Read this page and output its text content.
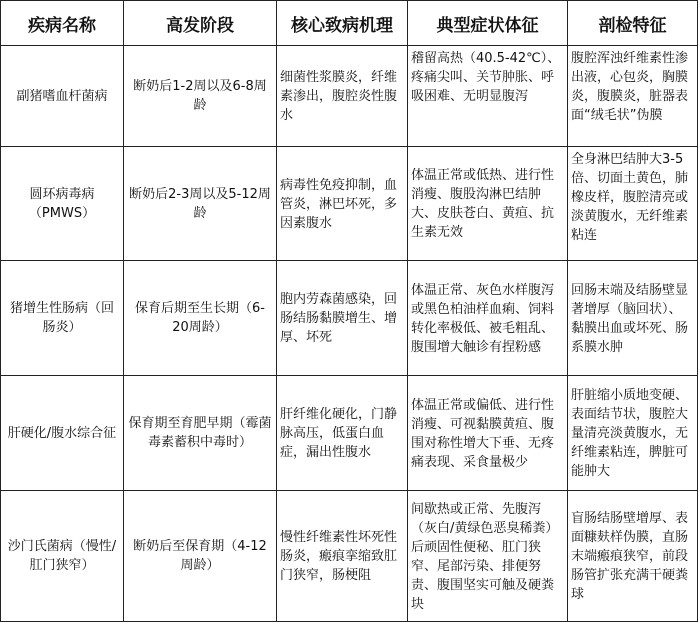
疾病名称	高发阶段	核心致病机理	典型症状体征	剖检特征
副猪嗜血杆菌病	断奶后1-2周以及6-8周龄	细菌性浆膜炎，纤维素渗出，腹腔炎性腹水	稽留高热（40.5-42℃）、疼痛尖叫、关节肿胀、呼吸困难、无明显腹泻	腹腔浑浊纤维素性渗出液，心包炎，胸膜炎，腹膜炎，脏器表面“绒毛状”伪膜
圆环病毒病（PMWS）	断奶后2-3周以及5-12周龄	病毒性免疫抑制，血管炎，淋巴坏死，多因素腹水	体温正常或低热、进行性消瘦、腹股沟淋巴结肿大、皮肤苍白、黄疸、抗生素无效	全身淋巴结肿大3-5倍、切面土黄色，肺橡皮样，腹腔清亮或淡黄腹水，无纤维素粘连
猪增生性肠病（回肠炎）	保育后期至生长期（6-20周龄）	胞内劳森菌感染，回肠结肠黏膜增生、增厚、坏死	体温正常、灰色水样腹泻或黑色柏油样血痢、饲料转化率极低、被毛粗乱、腹围增大触诊有捏粉感	回肠末端及结肠壁显著增厚（脑回状）、黏膜出血或坏死、肠系膜水肿
肝硬化/腹水综合征	保育期至育肥早期（霉菌毒素蓄积中毒时）	肝纤维化硬化，门静脉高压，低蛋白血症，漏出性腹水	体温正常或偏低、进行性消瘦、可视黏膜黄疸、腹围对称性增大下垂、无疼痛表现、采食量极少	肝脏缩小质地变硬、表面结节状，腹腔大量清亮淡黄腹水，无纤维素粘连，脾脏可能肿大
沙门氏菌病（慢性/肛门狭窄）	断奶后至保育期（4-12周龄）	慢性纤维素性坏死性肠炎，瘢痕挛缩致肛门狭窄，肠梗阻	间歇热或正常、先腹泻（灰白/黄绿色恶臭稀粪）后顽固性便秘、肛门狭窄、尾部污染、排便努责、腹围坚实可触及硬粪块	盲肠结肠壁增厚、表面糠麸样伪膜，直肠末端瘢痕狭窄，前段肠管扩张充满干硬粪球
